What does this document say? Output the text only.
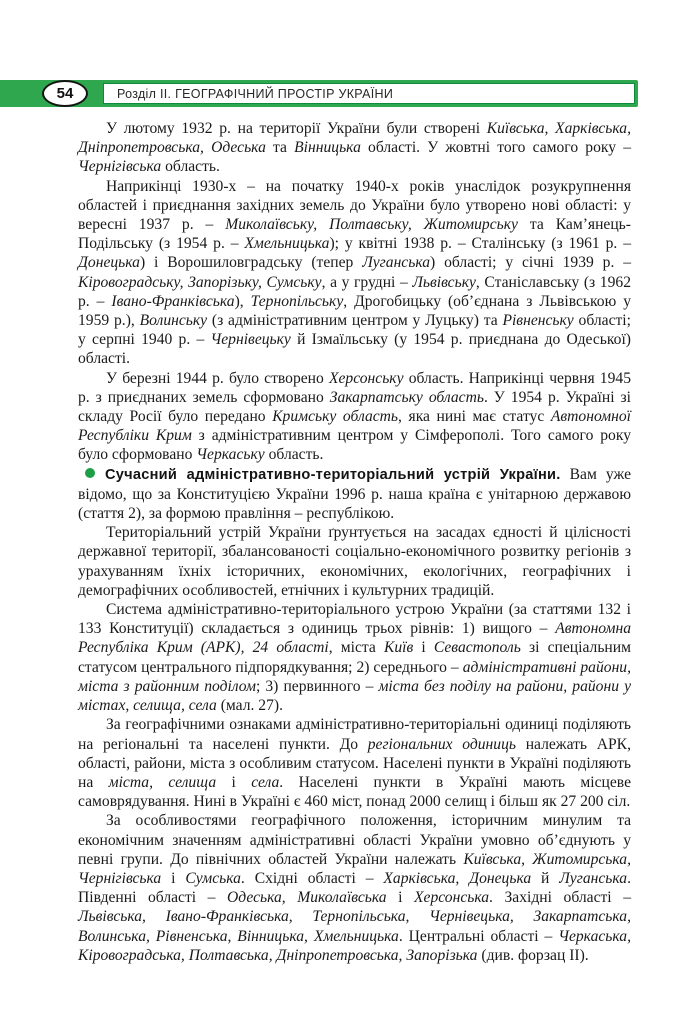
54	Розділ II. ГЕОГРАФІЧНИЙ ПРОСТІР УКРАЇНИ

У лютому 1932 р. на території України були створені Київська, Харківська, Дніпропетровська, Одеська та Вінницька області. У жовтні того самого року – Чернігівська область.

Наприкінці 1930-х – на початку 1940-х років унаслідок розукрупнення областей і приєднання західних земель до України було утворено нові області: у вересні 1937 р. – Миколаївську, Полтавську, Житомирську та Кам’янець-Подільську (з 1954 р. – Хмельницька); у квітні 1938 р. – Сталінську (з 1961 р. – Донецька) і Ворошиловградську (тепер Луганська) області; у січні 1939 р. – Кіровоградську, Запорізьку, Сумську, а у грудні – Львівську, Станіславську (з 1962 р. – Івано-Франківська), Тернопільську, Дрогобицьку (об’єднана з Львівською у 1959 р.), Волинську (з адміністративним центром у Луцьку) та Рівненську області; у серпні 1940 р. – Чернівецьку й Ізмаїльську (у 1954 р. приєднана до Одеської) області.

У березні 1944 р. було створено Херсонську область. Наприкінці червня 1945 р. з приєднаних земель сформовано Закарпатську область. У 1954 р. Україні зі складу Росії було передано Кримську область, яка нині має статус Автономної Республіки Крим з адміністративним центром у Сімферополі. Того самого року було сформовано Черкаську область.

Сучасний адміністративно-територіальний устрій України. Вам уже відомо, що за Конституцією України 1996 р. наша країна є унітарною державою (стаття 2), за формою правління – республікою.

Територіальний устрій України ґрунтується на засадах єдності й цілісності державної території, збалансованості соціально-економічного розвитку регіонів з урахуванням їхніх історичних, економічних, екологічних, географічних і демографічних особливостей, етнічних і культурних традицій.

Система адміністративно-територіального устрою України (за статтями 132 і 133 Конституції) складається з одиниць трьох рівнів: 1) вищого – Автономна Республіка Крим (АРК), 24 області, міста Київ і Севастополь зі спеціальним статусом центрального підпорядкування; 2) середнього – адміністративні райони, міста з районним поділом; 3) первинного – міста без поділу на райони, райони у містах, селища, села (мал. 27).

За географічними ознаками адміністративно-територіальні одиниці поділяють на регіональні та населені пункти. До регіональних одиниць належать АРК, області, райони, міста з особливим статусом. Населені пункти в Україні поділяють на міста, селища і села. Населені пункти в Україні мають місцеве самоврядування. Нині в Україні є 460 міст, понад 2000 селищ і більш як 27 200 сіл.

За особливостями географічного положення, історичним минулим та економічним значенням адміністративні області України умовно об’єднують у певні групи. До північних областей України належать Київська, Житомирська, Чернігівська і Сумська. Східні області – Харківська, Донецька й Луганська. Південні області – Одеська, Миколаївська і Херсонська. Західні області – Львівська, Івано-Франківська, Тернопільська, Чернівецька, Закарпатська, Волинська, Рівненська, Вінницька, Хмельницька. Центральні області – Черкаська, Кіровоградська, Полтавська, Дніпропетровська, Запорізька (див. форзац II).
